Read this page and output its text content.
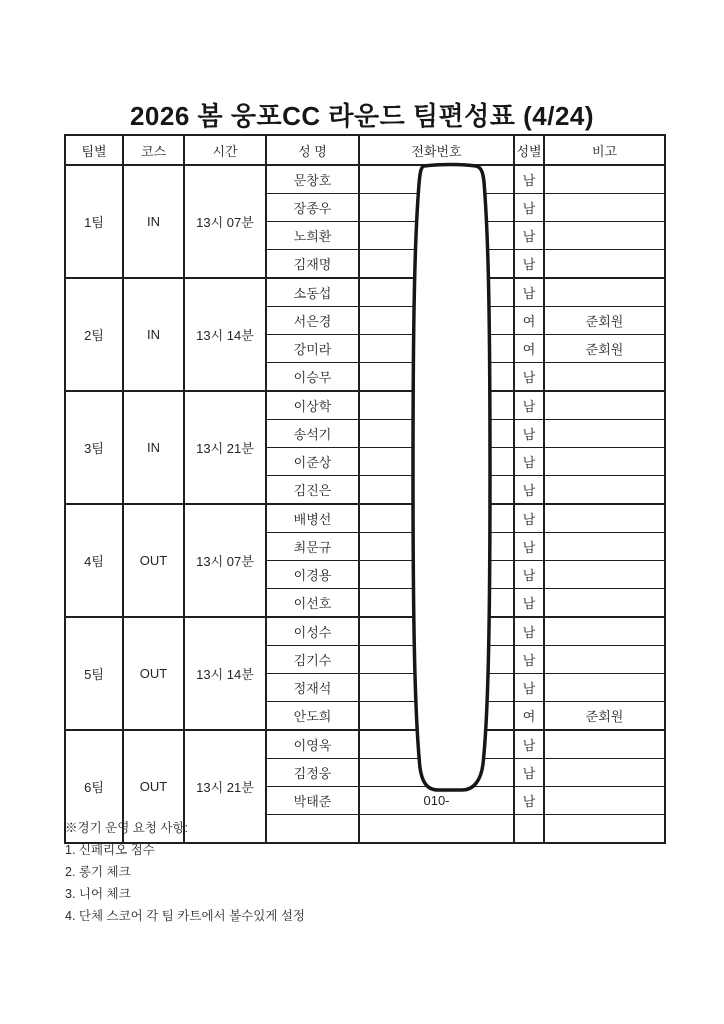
2026 봄 웅포CC 라운드 팀편성표 (4/24)
팀별	코스	시간	성 명	전화번호	성별	비고
1팀	IN	13시 07분	문창호		남	
			장종우		남	
			노희환		남	
			김재명		남	
2팀	IN	13시 14분	소동섭		남	
			서은경		여	준회원
			강미라		여	준회원
			이승무		남	
3팀	IN	13시 21분	이상학		남	
			송석기		남	
			이준상		남	
			김진은		남	
4팀	OUT	13시 07분	배병선		남	
			최문규		남	
			이경용		남	
			이선호		남	
5팀	OUT	13시 14분	이성수		남	
			김기수		남	
			정재석		남	
			안도희		여	준회원
6팀	OUT	13시 21분	이영욱		남	
			김정웅		남	
			박태준	010-	남	

※경기 운영 요청 사항:
1. 신페리오 점수
2. 롱기 체크
3. 니어 체크
4. 단체 스코어 각 팀 카트에서 볼수있게 설정
